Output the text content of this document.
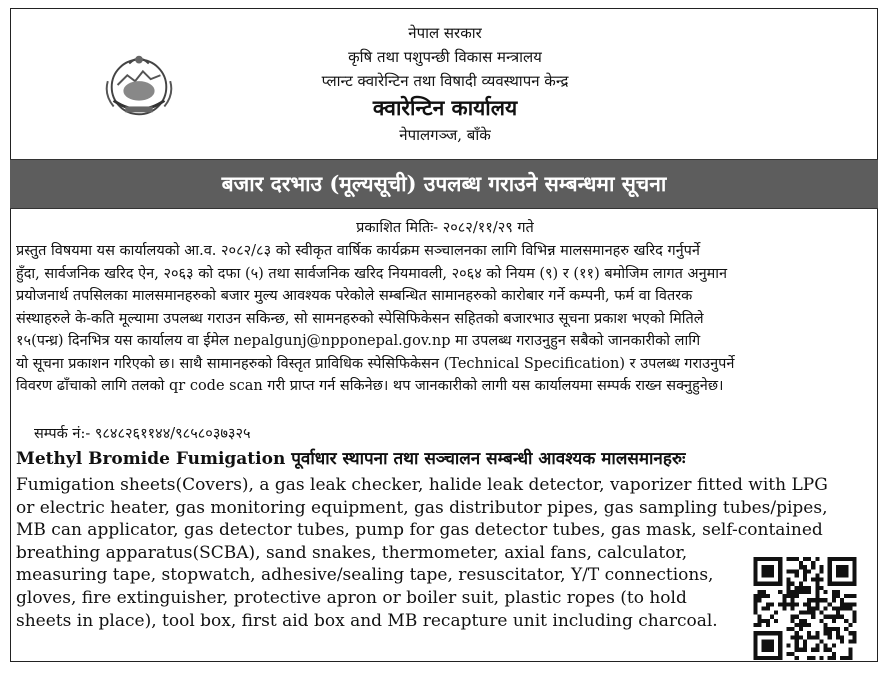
नेपाल सरकार
कृषि तथा पशुपन्छी विकास मन्त्रालय
प्लान्ट क्वारेन्टिन तथा विषादी व्यवस्थापन केन्द्र
क्वारेन्टिन कार्यालय
नेपालगञ्ज, बाँके
बजार दरभाउ (मूल्यसूची) उपलब्ध गराउने सम्बन्धमा सूचना
प्रकाशित मितिः- २०८२/११/२९ गते
प्रस्तुत विषयमा यस कार्यालयको आ.व. २०८२/८३ को स्वीकृत वार्षिक कार्यक्रम सञ्चालनका लागि विभिन्न मालसमानहरु खरिद गर्नुपर्ने
हुँदा, सार्वजनिक खरिद ऐन, २०६३ को दफा (५) तथा सार्वजनिक खरिद नियमावली, २०६४ को नियम (९) र (११) बमोजिम लागत अनुमान
प्रयोजनार्थ तपसिलका मालसमानहरुको बजार मुल्य आवश्यक परेकोले सम्बन्धित सामानहरुको कारोबार गर्ने कम्पनी, फर्म वा वितरक
संस्थाहरुले के-कति मूल्यामा उपलब्ध गराउन सकिन्छ, सो सामनहरुको स्पेसिफिकेसन सहितको बजारभाउ सूचना प्रकाश भएको मितिले
१५(पन्ध्र) दिनभित्र यस कार्यालय वा ईमेल nepalgunj@npponepal.gov.np मा उपलब्ध गराउनुहुन सबैको जानकारीको लागि
यो सूचना प्रकाशन गरिएको छ। साथै सामानहरुको विस्तृत प्राविधिक स्पेसिफिकेसन (Technical Specification) र उपलब्ध गराउनुपर्ने
विवरण ढाँचाको लागि तलको qr code scan गरी प्राप्त गर्न सकिनेछ। थप जानकारीको लागी यस कार्यालयमा सम्पर्क राख्न सक्नुहुनेछ।
सम्पर्क नं:- ९८४८२६११४४/९८५८०३७३२५
Methyl Bromide Fumigation पूर्वाधार स्थापना तथा सञ्चालन सम्बन्धी आवश्यक मालसमानहरुः
Fumigation sheets(Covers), a gas leak checker, halide leak detector, vaporizer fitted with LPG
or electric heater, gas monitoring equipment, gas distributor pipes, gas sampling tubes/pipes,
MB can applicator, gas detector tubes, pump for gas detector tubes, gas mask, self-contained
breathing apparatus(SCBA), sand snakes, thermometer, axial fans, calculator,
measuring tape, stopwatch, adhesive/sealing tape, resuscitator, Y/T connections,
gloves, fire extinguisher, protective apron or boiler suit, plastic ropes (to hold
sheets in place), tool box, first aid box and MB recapture unit including charcoal.
